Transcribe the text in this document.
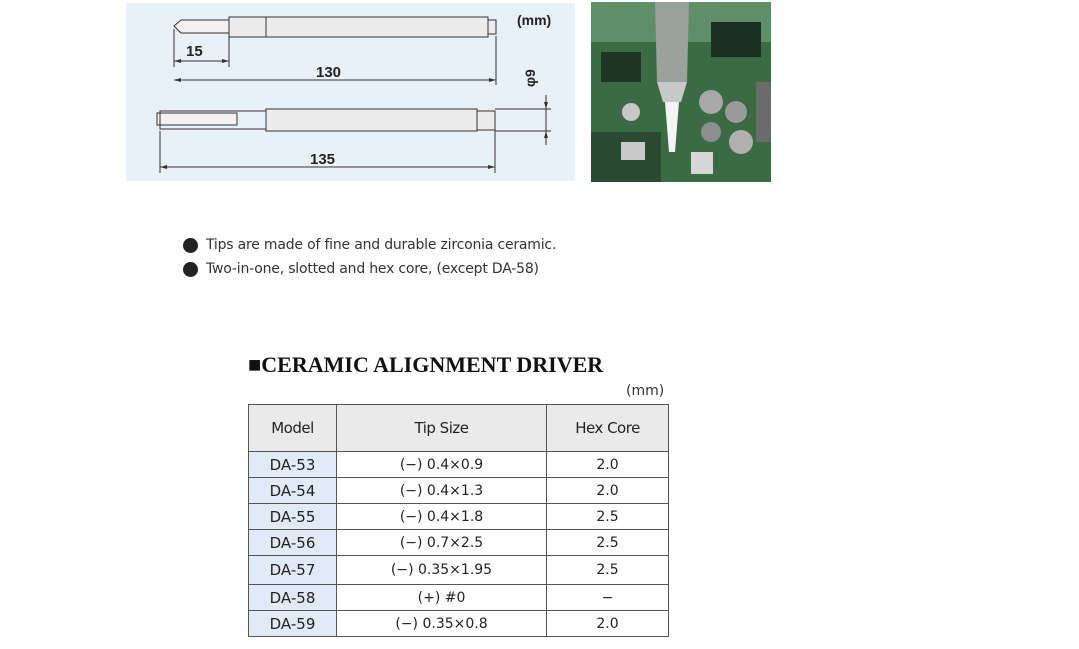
(mm)
15
130
135
φ9
Tips are made of fine and durable zirconia ceramic.
Two-in-one, slotted and hex core, (except DA-58)
■CERAMIC ALIGNMENT DRIVER
(mm)
Model	Tip Size	Hex Core
DA-53	(−) 0.4×0.9	2.0
DA-54	(−) 0.4×1.3	2.0
DA-55	(−) 0.4×1.8	2.5
DA-56	(−) 0.7×2.5	2.5
DA-57	(−) 0.35×1.95	2.5
DA-58	(+) #0	−
DA-59	(−) 0.35×0.8	2.0
